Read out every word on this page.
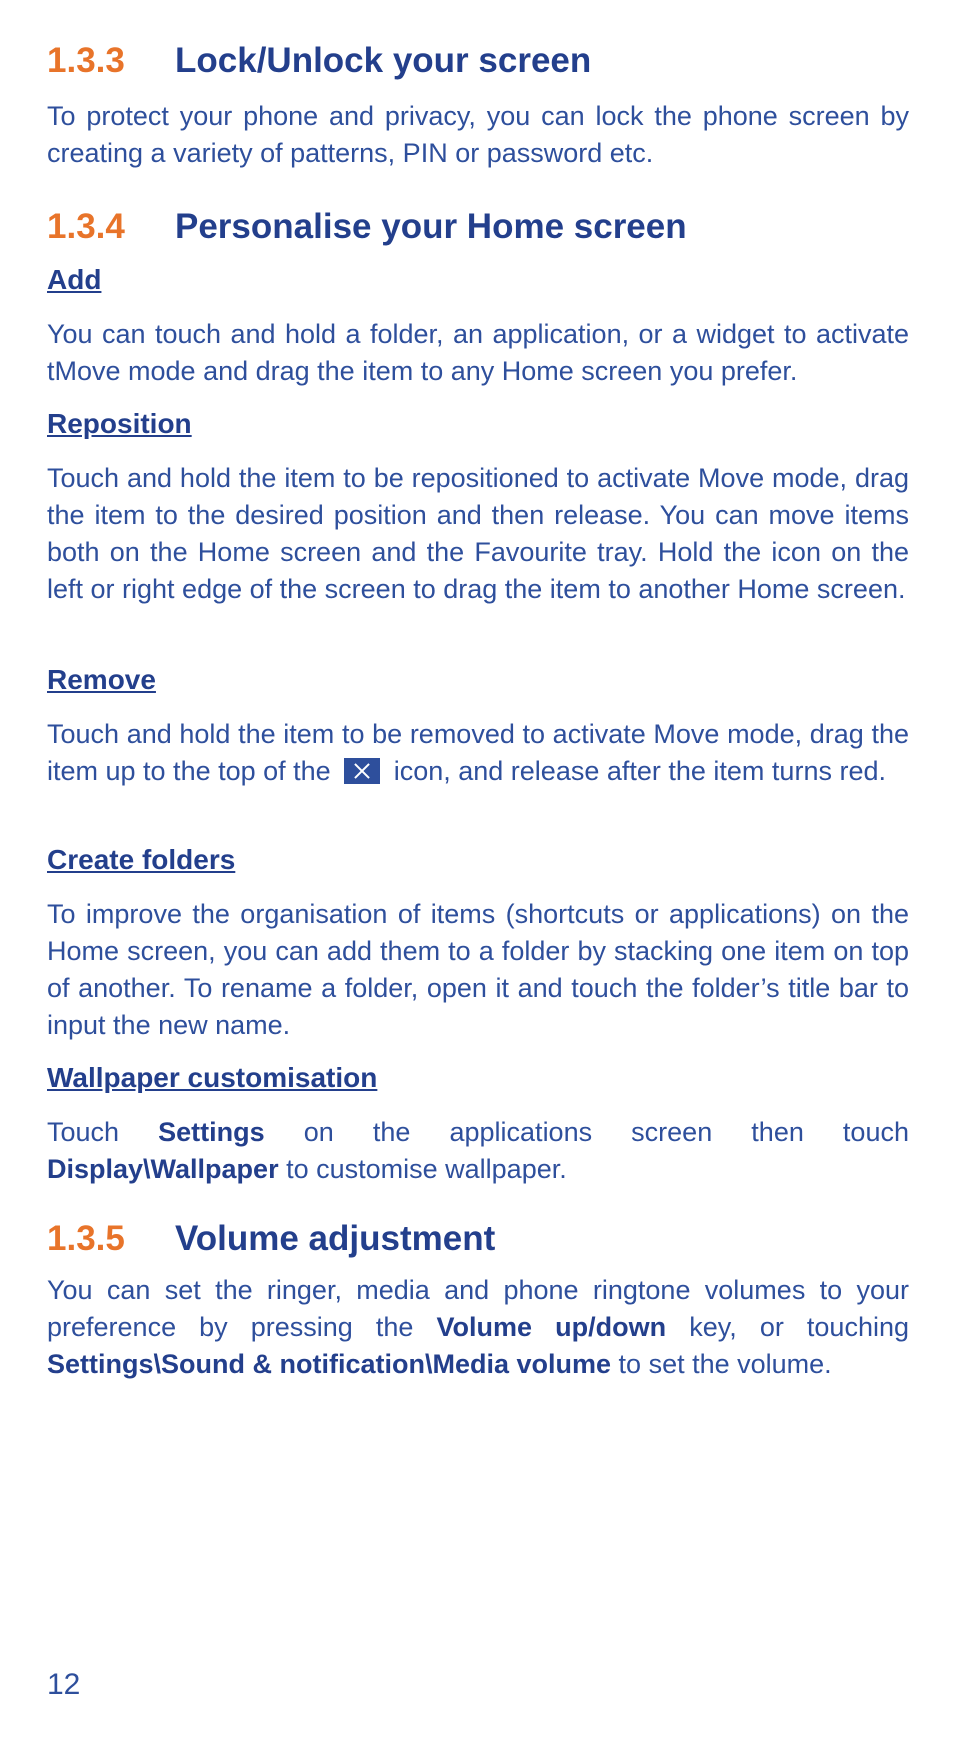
1.3.3	Lock/Unlock your screen

To protect your phone and privacy, you can lock the phone screen by creating a variety of patterns, PIN or password etc.

1.3.4	Personalise your Home screen
Add

You can touch and hold a folder, an application, or a widget to activate tMove mode and drag the item to any Home screen you prefer.

Reposition

Touch and hold the item to be repositioned to activate Move mode, drag the item to the desired position and then release. You can move items both on the Home screen and the Favourite tray. Hold the icon on the left or right edge of the screen to drag the item to another Home screen.

Remove

Touch and hold the item to be removed to activate Move mode, drag the item up to the top of the icon, and release after the item turns red.

Create folders

To improve the organisation of items (shortcuts or applications) on the Home screen, you can add them to a folder by stacking one item on top of another. To rename a folder, open it and touch the folder’s title bar to input the new name.

Wallpaper customisation

Touch Settings on the applications screen then touch Display\Wallpaper to customise wallpaper.

1.3.5	Volume adjustment

You can set the ringer, media and phone ringtone volumes to your preference by pressing the Volume up/down key, or touching Settings\Sound & notification\Media volume to set the volume.

12
